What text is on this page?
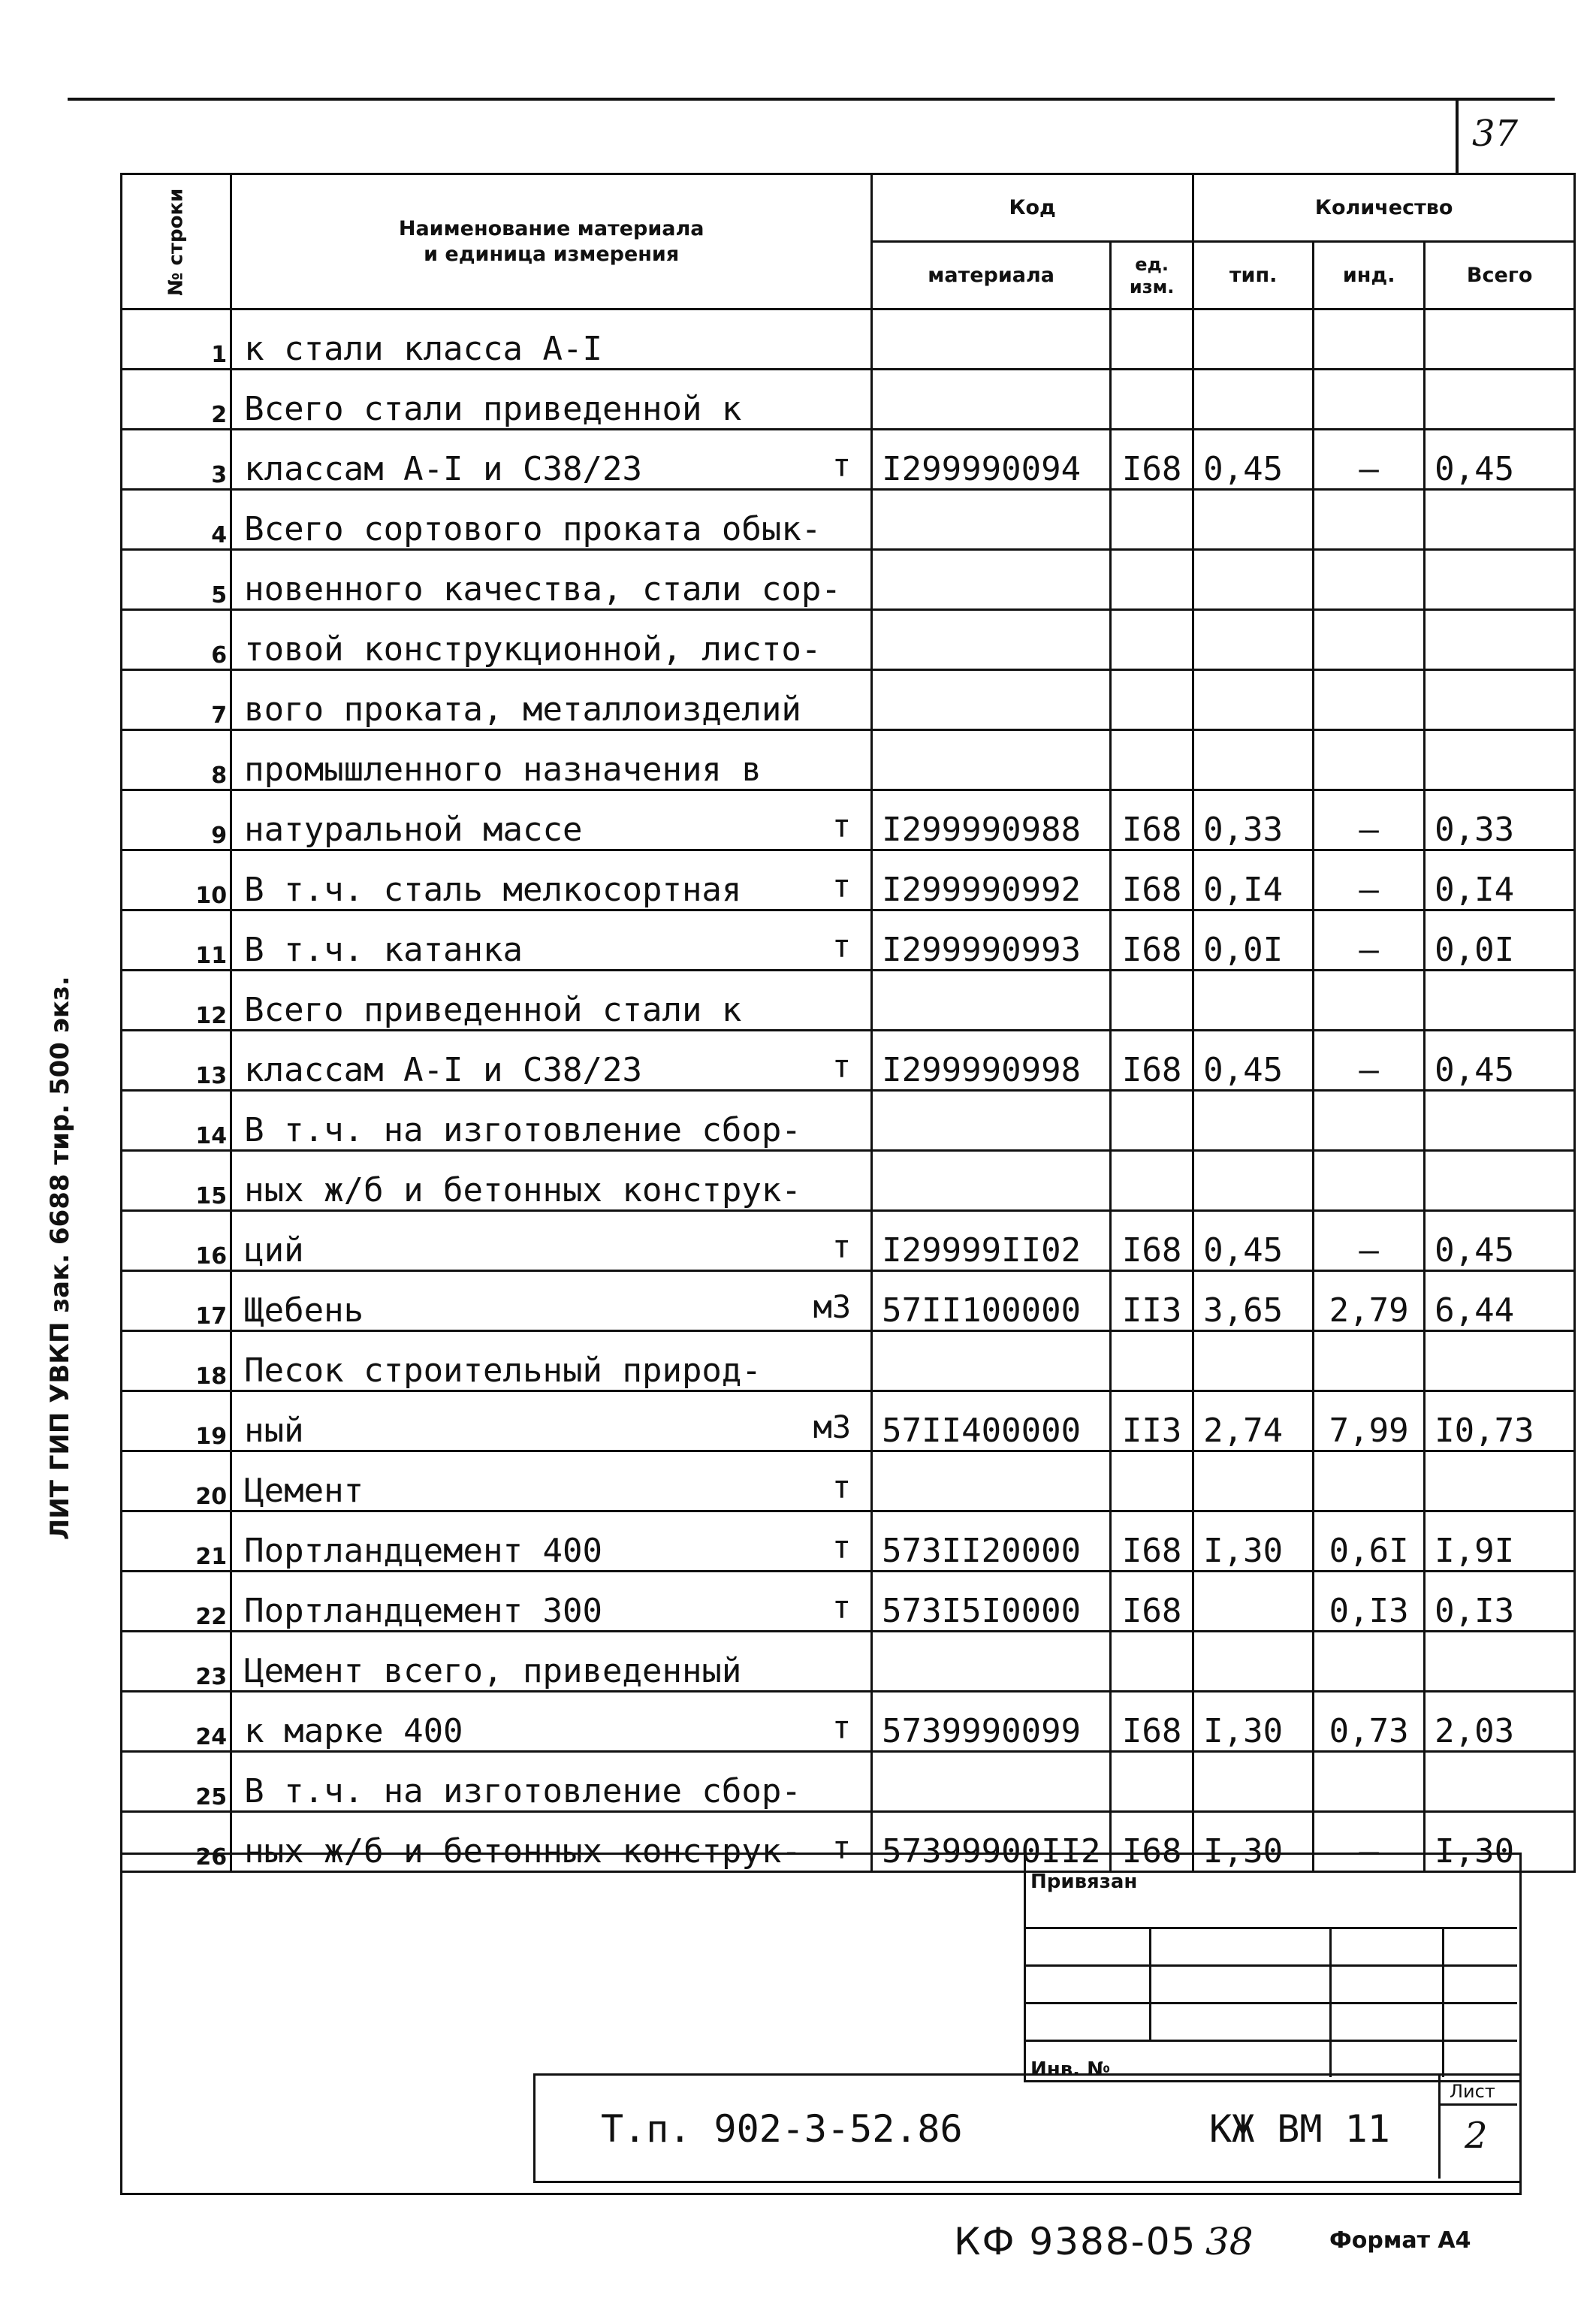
37
№ строки	Наименование материала
и единица измерения	Код		Количество		
		материала	ед. изм.	тип.	инд.	Всего
1	к стали класса А-I

2	Всего стали приведенной к

3	классам А-I и С38/23 т	I299990094	I68	0,45	–	0,45
4	Всего сортового проката обык-

5	новенного качества, стали сор-

6	товой конструкционной, листо-

7	вого проката, металлоизделий

8	промышленного назначения в

9	натуральной массе т	I299990988	I68	0,33	–	0,33
10	В т.ч. сталь мелкосортная т	I299990992	I68	0,I4	–	0,I4
11	В т.ч. катанка т	I299990993	I68	0,0I	–	0,0I
12	Всего приведенной стали к

13	классам А-I и С38/23 т	I299990998	I68	0,45	–	0,45
14	В т.ч. на изготовление сбор-

15	ных ж/б и бетонных конструк-

16	ций т	I29999II02	I68	0,45	–	0,45
17	Щебень м3	57II100000	II3	3,65	2,79	6,44
18	Песок строительный природ-

19	ный м3	57II400000	II3	2,74	7,99	I0,73
20	Цемент т					

21	Портландцемент 400 т	573II20000	I68	I,30	0,6I	I,9I
22	Портландцемент 300 т	573I5I0000	I68		0,I3	0,I3
23	Цемент всего, приведенный

24	к марке 400 т	5739990099	I68	I,30	0,73	2,03
25	В т.ч. на изготовление сбор-

26	ных ж/б и бетонных констрyк- т	57399900II2	I68	I,30	–	I,30
Привязан
Инв. №
Т.п. 902-3-52.86	КЖ ВМ 11
Лист
2
КФ 9388-05 38	Формат А4
ЛИТ ГИП УВКП зак. 6688 тир. 500 экз.
